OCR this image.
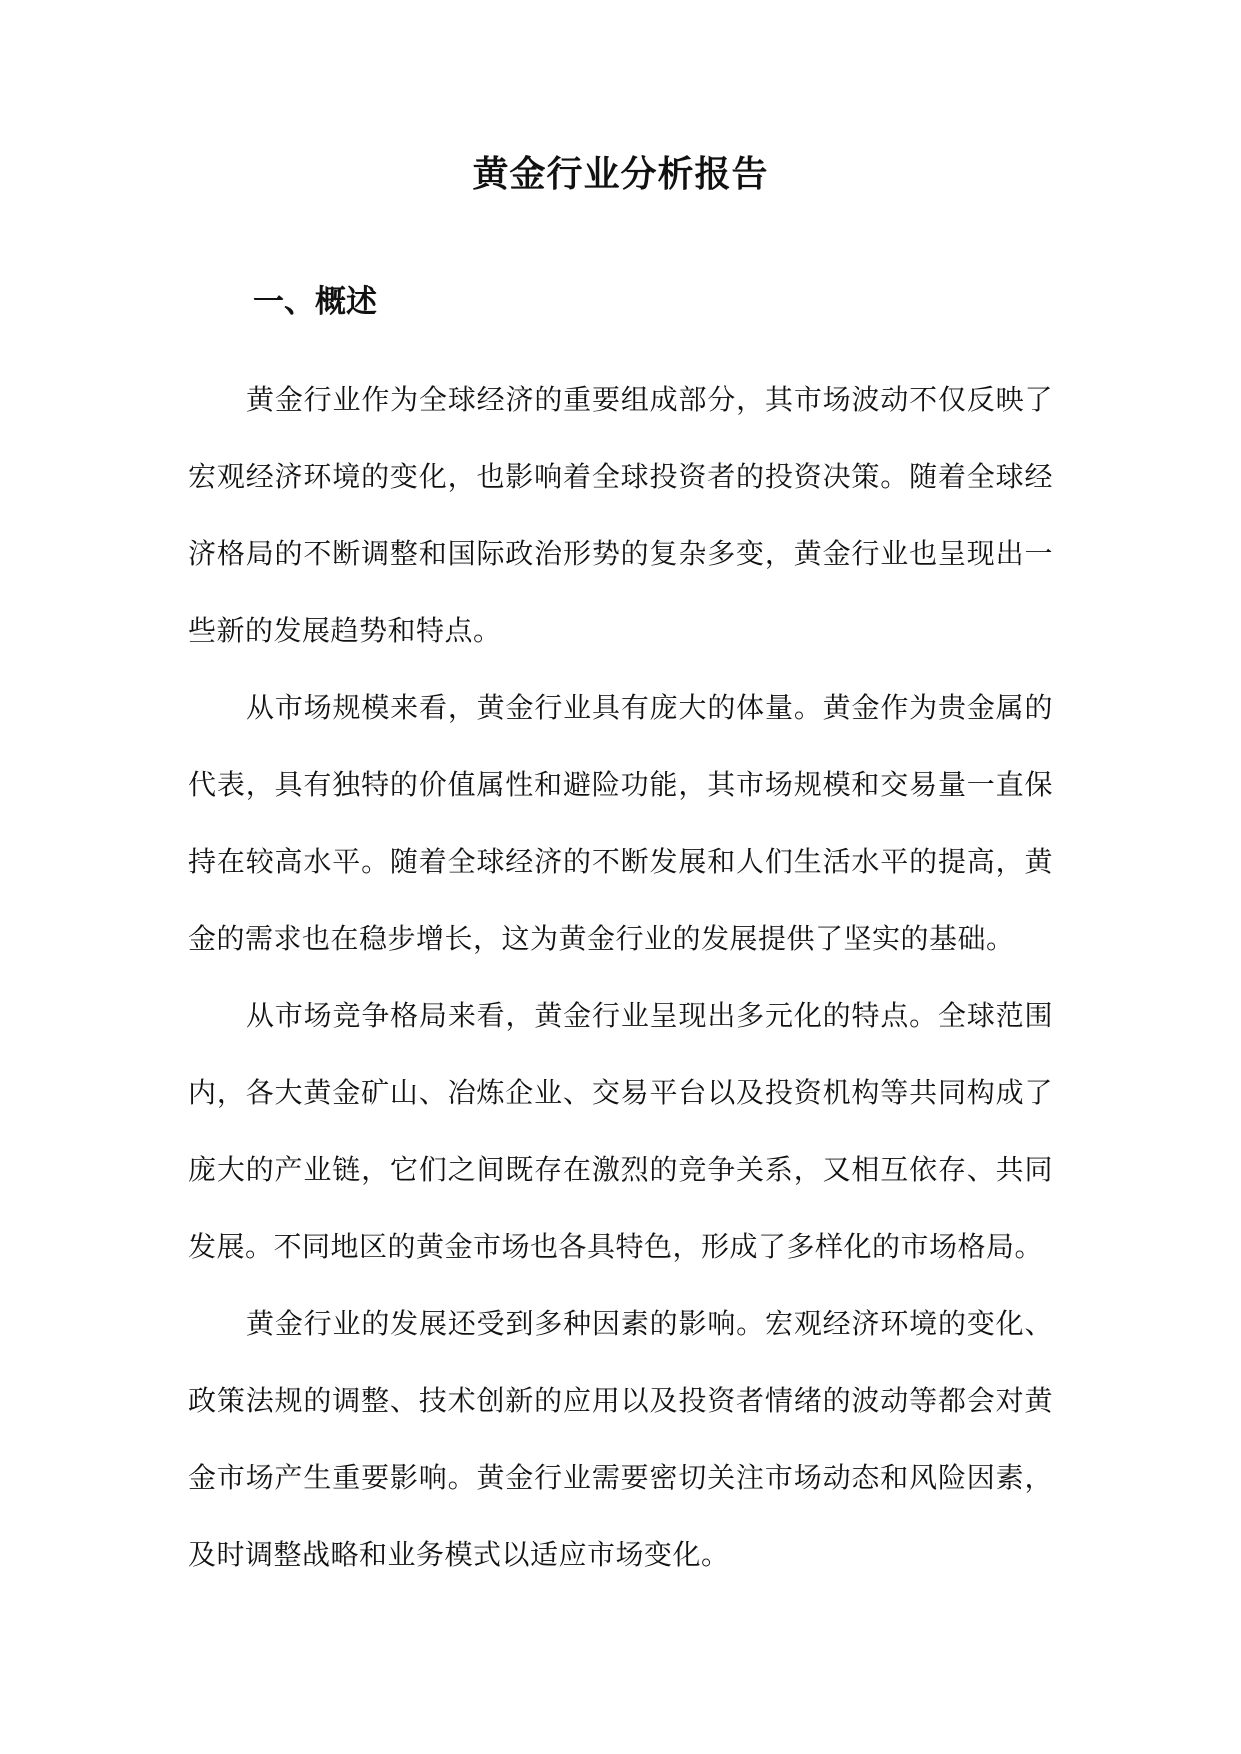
黄金行业分析报告
一、概述

黄金行业作为全球经济的重要组成部分，其市场波动不仅反映了宏观经济环境的变化，也影响着全球投资者的投资决策。随着全球经济格局的不断调整和国际政治形势的复杂多变，黄金行业也呈现出一些新的发展趋势和特点。

从市场规模来看，黄金行业具有庞大的体量。黄金作为贵金属的代表，具有独特的价值属性和避险功能，其市场规模和交易量一直保持在较高水平。随着全球经济的不断发展和人们生活水平的提高，黄金的需求也在稳步增长，这为黄金行业的发展提供了坚实的基础。

从市场竞争格局来看，黄金行业呈现出多元化的特点。全球范围内，各大黄金矿山、冶炼企业、交易平台以及投资机构等共同构成了庞大的产业链，它们之间既存在激烈的竞争关系，又相互依存、共同发展。不同地区的黄金市场也各具特色，形成了多样化的市场格局。

黄金行业的发展还受到多种因素的影响。宏观经济环境的变化、政策法规的调整、技术创新的应用以及投资者情绪的波动等都会对黄金市场产生重要影响。黄金行业需要密切关注市场动态和风险因素，及时调整战略和业务模式以适应市场变化。
